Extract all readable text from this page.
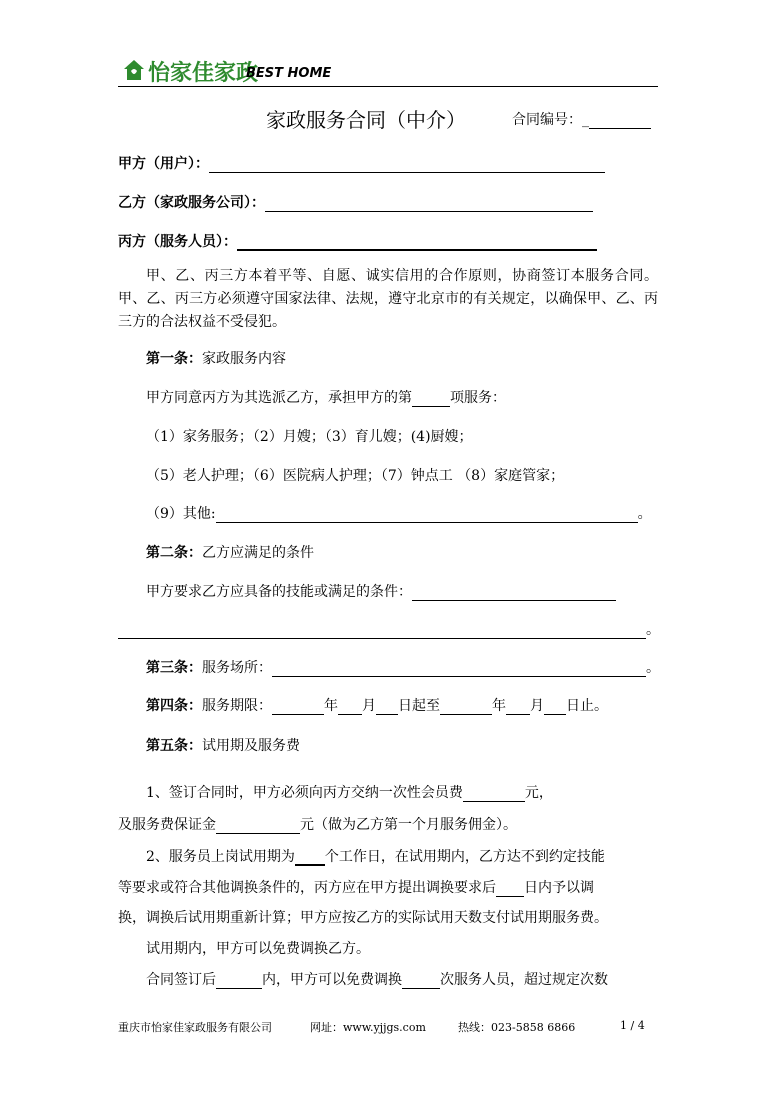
怡家佳家政
BEST HOME
家政服务合同（中介）	合同编号：_
甲方（用户）：
乙方（家政服务公司）：
丙方（服务人员）：
甲、乙、丙三方本着平等、自愿、诚实信用的合作原则，协商签订本服务合同。甲、乙、丙三方必须遵守国家法律、法规，遵守北京市的有关规定，以确保甲、乙、丙三方的合法权益不受侵犯。
第一条：家政服务内容
甲方同意丙方为其选派乙方，承担甲方的第	项服务：
（1）家务服务；（2）月嫂；（3）育儿嫂；(4)厨嫂；
（5）老人护理；（6）医院病人护理；（7）钟点工 （8）家庭管家；
（9）其他:	。
第二条：乙方应满足的条件
甲方要求乙方应具备的技能或满足的条件：
。
第三条：服务场所：	。
第四条：服务期限：	年 月 日起至	年 月 日止。
第五条：试用期及服务费
1、签订合同时，甲方必须向丙方交纳一次性会员费	元，
及服务费保证金	元（做为乙方第一个月服务佣金）。
2、服务员上岗试用期为 个工作日，在试用期内，乙方达不到约定技能
等要求或符合其他调换条件的，丙方应在甲方提出调换要求后 日内予以调
换，调换后试用期重新计算；甲方应按乙方的实际试用天数支付试用期服务费。
试用期内，甲方可以免费调换乙方。
合同签订后	内，甲方可以免费调换	次服务人员，超过规定次数
重庆市怡家佳家政服务有限公司	网址：www.yjjgs.com	热线：023-5858 6866	1 / 4
